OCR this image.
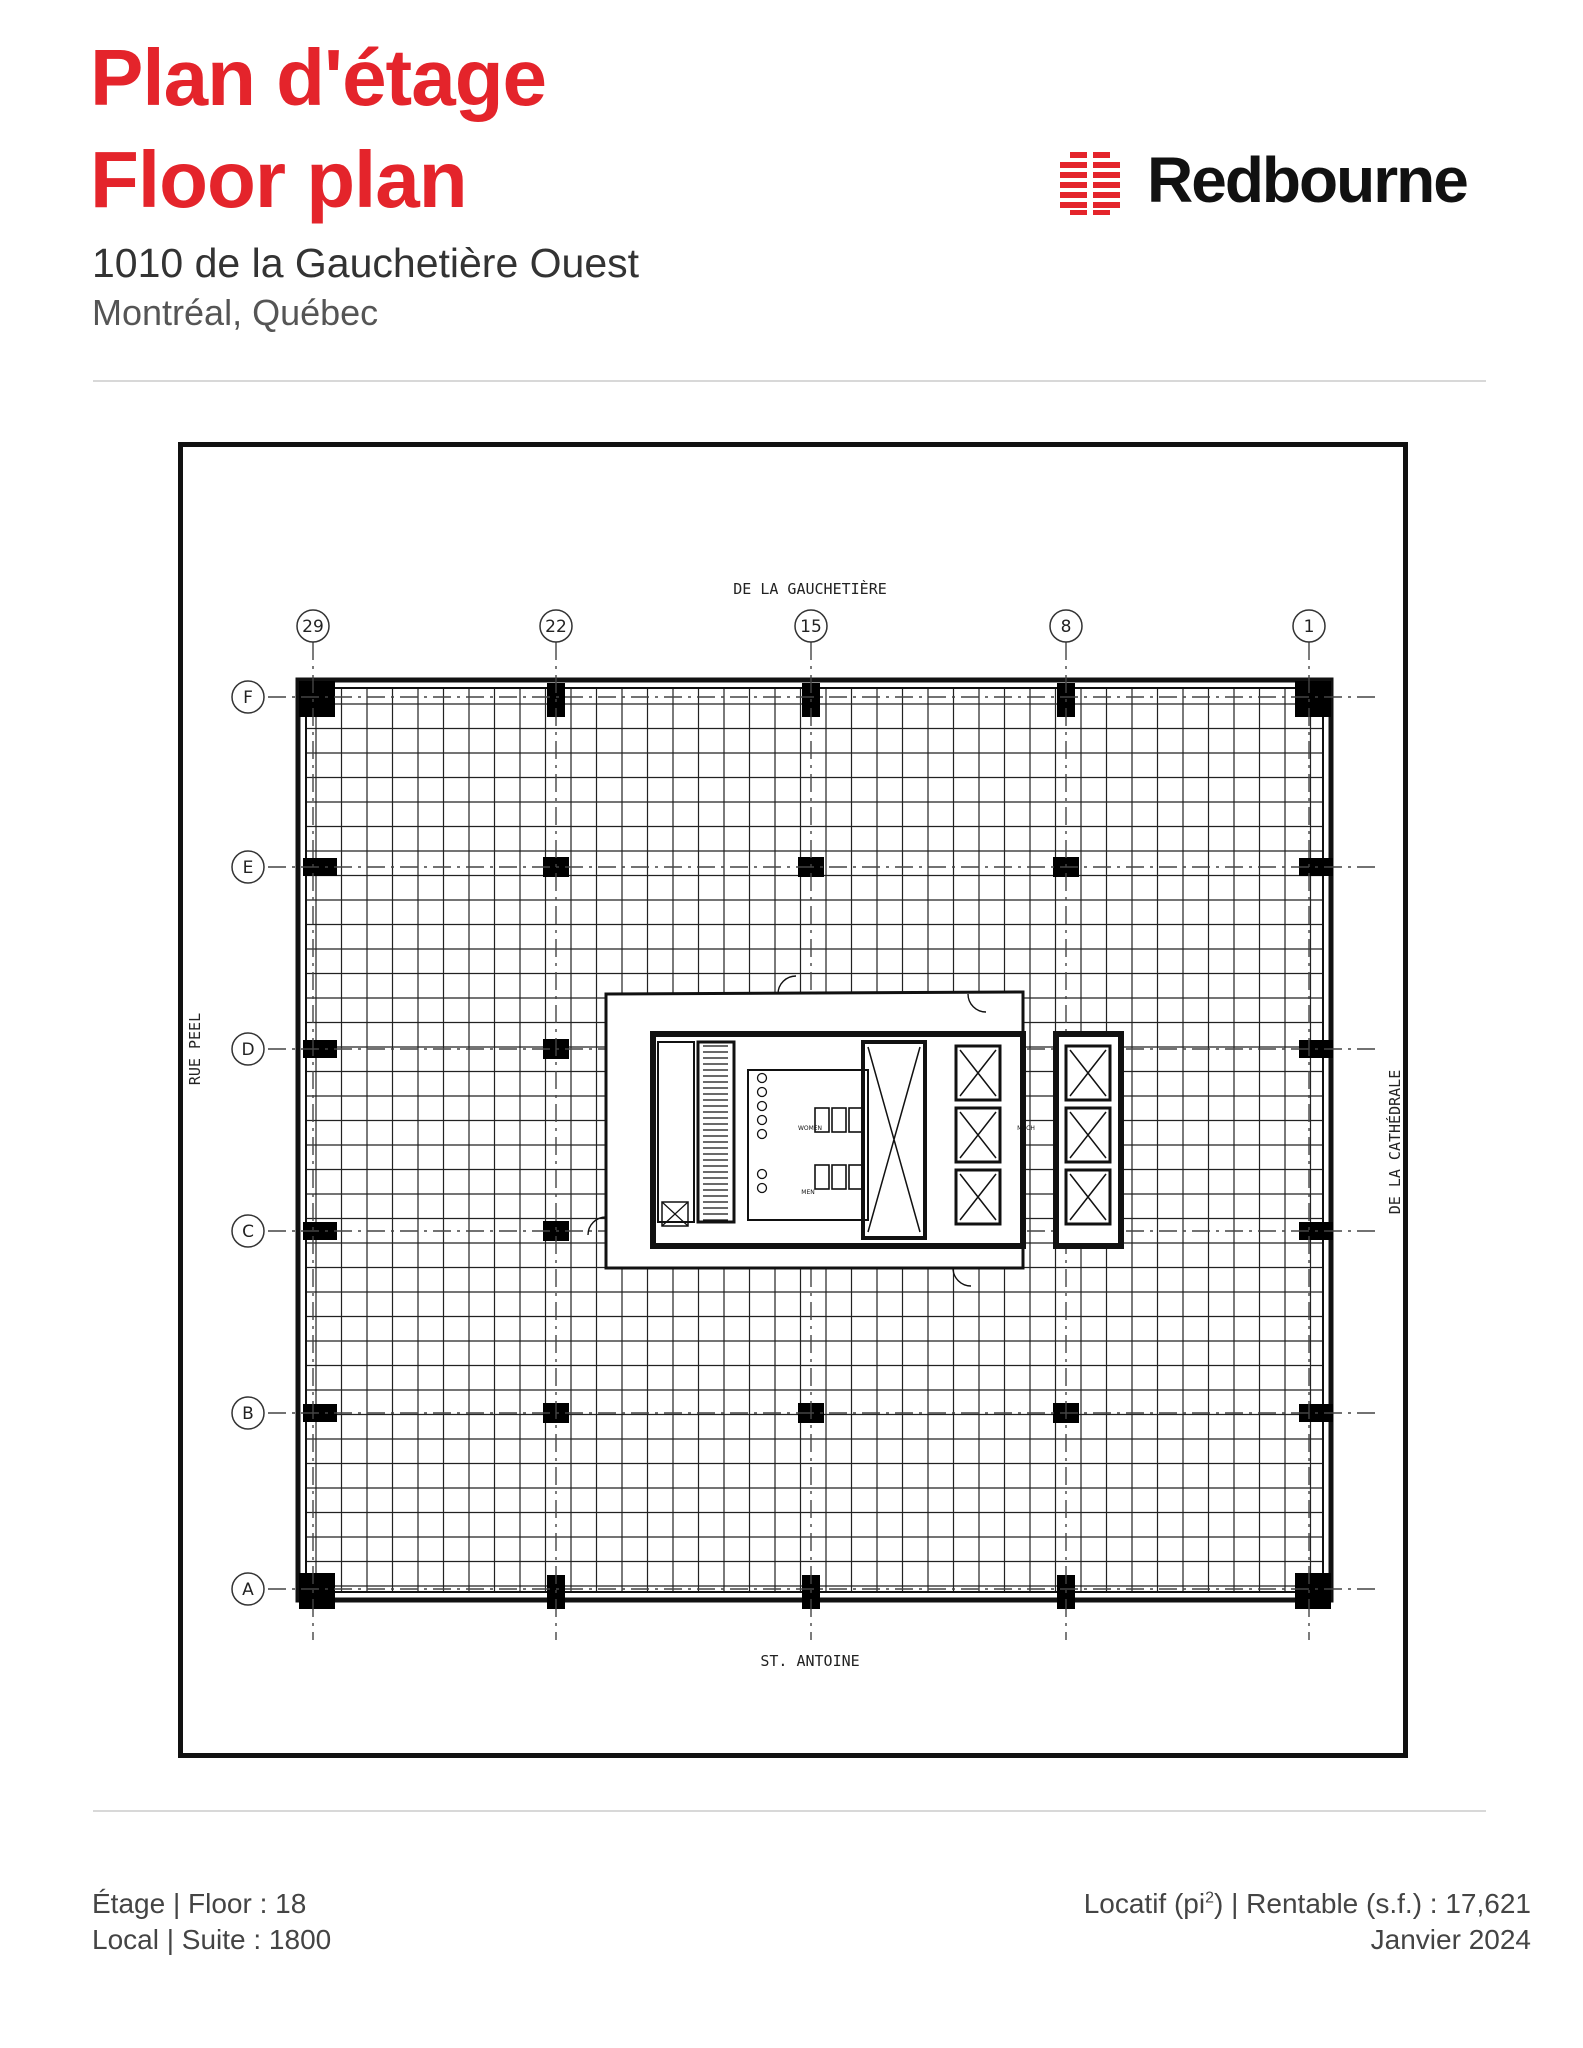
Plan d'étage
Floor plan
1010 de la Gauchetière Ouest
Montréal, Québec
Redbourne
29	22	15	8	1
F
E
D
C
B
A
DE LA GAUCHETIÈRE
ST. ANTOINE
RUE PEEL
DE LA CATHÉDRALE
WOMEN
MEN
MECH
Étage | Floor : 18
Local | Suite : 1800
Locatif $(pi^2)$ | Rentable (s.f.) : 17,621
Janvier 2024
